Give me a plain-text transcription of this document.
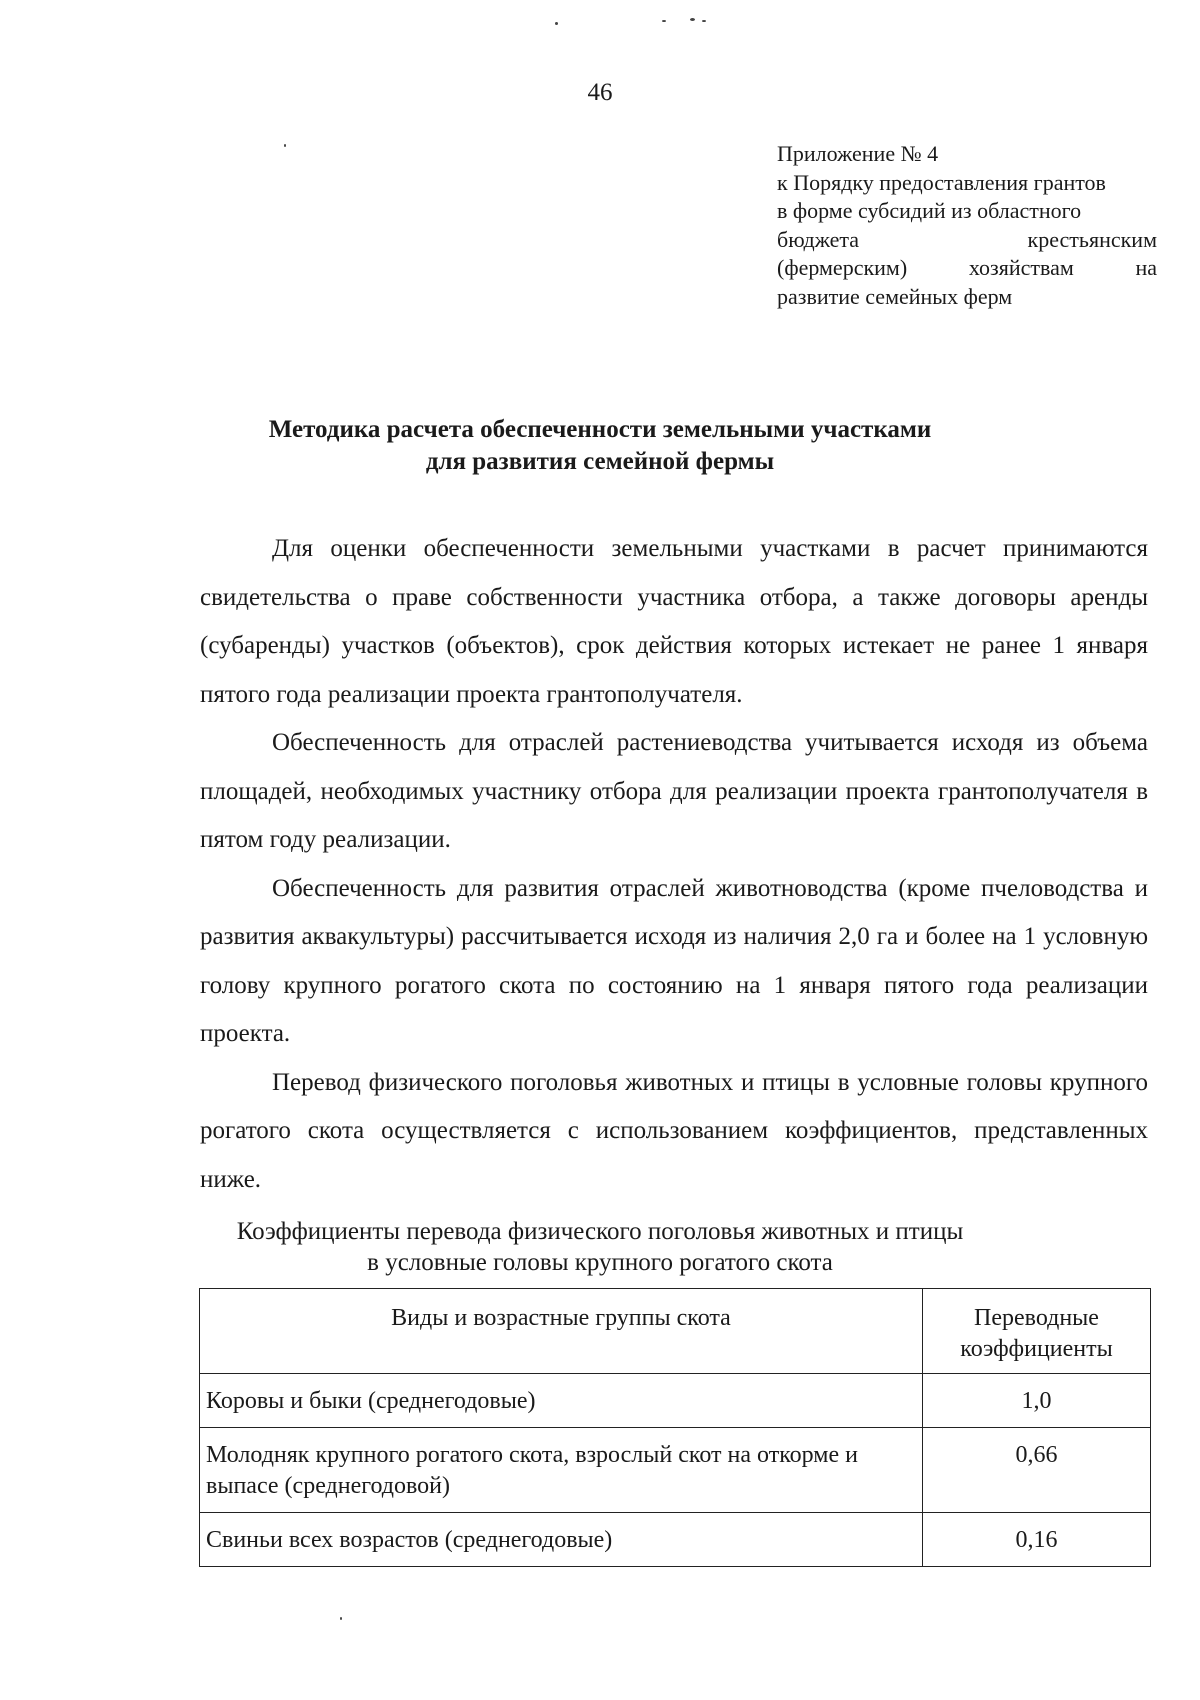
46
Приложение № 4
к Порядку предоставления грантов
в форме субсидий из областного
бюджета	крестьянским
(фермерским)	хозяйствам	на
развитие семейных ферм
Методика расчета обеспеченности земельными участками
для развития семейной фермы

Для оценки обеспеченности земельными участками в расчет принимаются свидетельства о праве собственности участника отбора, а также договоры аренды (субаренды) участков (объектов), срок действия которых истекает не ранее 1 января пятого года реализации проекта грантополучателя.

Обеспеченность для отраслей растениеводства учитывается исходя из объема площадей, необходимых участнику отбора для реализации проекта грантополучателя в пятом году реализации.

Обеспеченность для развития отраслей животноводства (кроме пчеловодства и развития аквакультуры) рассчитывается исходя из наличия 2,0 га и более на 1 условную голову крупного рогатого скота по состоянию на 1 января пятого года реализации проекта.

Перевод физического поголовья животных и птицы в условные головы крупного рогатого скота осуществляется с использованием коэффициентов, представленных ниже.

Коэффициенты перевода физического поголовья животных и птицы
в условные головы крупного рогатого скота
Виды и возрастные группы скота	Переводные коэффициенты
Коровы и быки (среднегодовые)	1,0
Молодняк крупного рогатого скота, взрослый скот на откорме и выпасе (среднегодовой)	0,66
Свиньи всех возрастов (среднегодовые)	0,16
